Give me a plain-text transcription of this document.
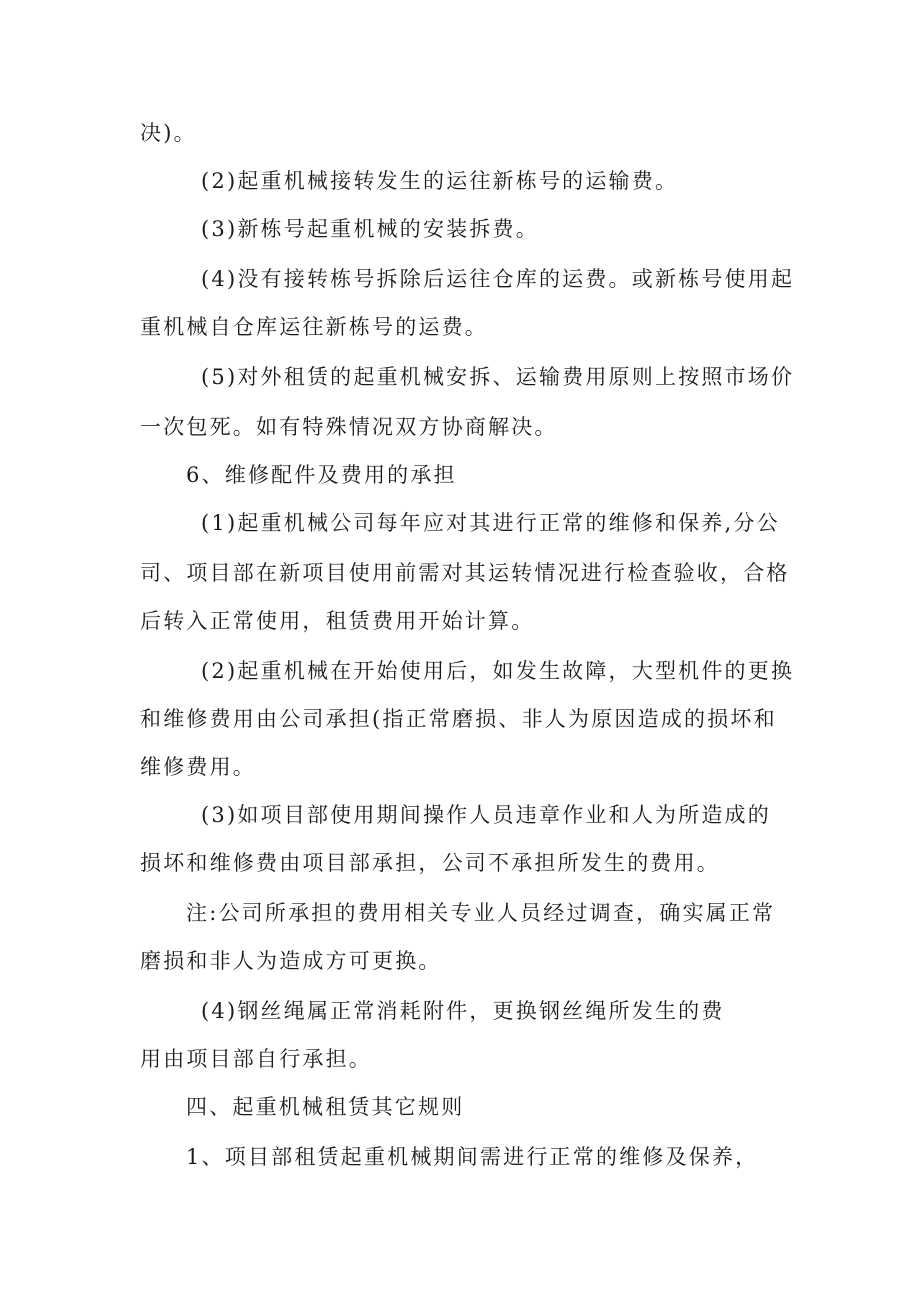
决)。
(2)起重机械接转发生的运往新栋号的运输费。
(3)新栋号起重机械的安装拆费。
(4)没有接转栋号拆除后运往仓库的运费。或新栋号使用起
重机械自仓库运往新栋号的运费。
(5)对外租赁的起重机械安拆、运输费用原则上按照市场价
一次包死。如有特殊情况双方协商解决。
6、维修配件及费用的承担
(1)起重机械公司每年应对其进行正常的维修和保养,分公
司、项目部在新项目使用前需对其运转情况进行检查验收，合格
后转入正常使用，租赁费用开始计算。
(2)起重机械在开始使用后，如发生故障，大型机件的更换
和维修费用由公司承担(指正常磨损、非人为原因造成的损坏和
维修费用。
(3)如项目部使用期间操作人员违章作业和人为所造成的
损坏和维修费由项目部承担，公司不承担所发生的费用。
注:公司所承担的费用相关专业人员经过调查，确实属正常
磨损和非人为造成方可更换。
(4)钢丝绳属正常消耗附件，更换钢丝绳所发生的费
用由项目部自行承担。
四、起重机械租赁其它规则
1、项目部租赁起重机械期间需进行正常的维修及保养，
